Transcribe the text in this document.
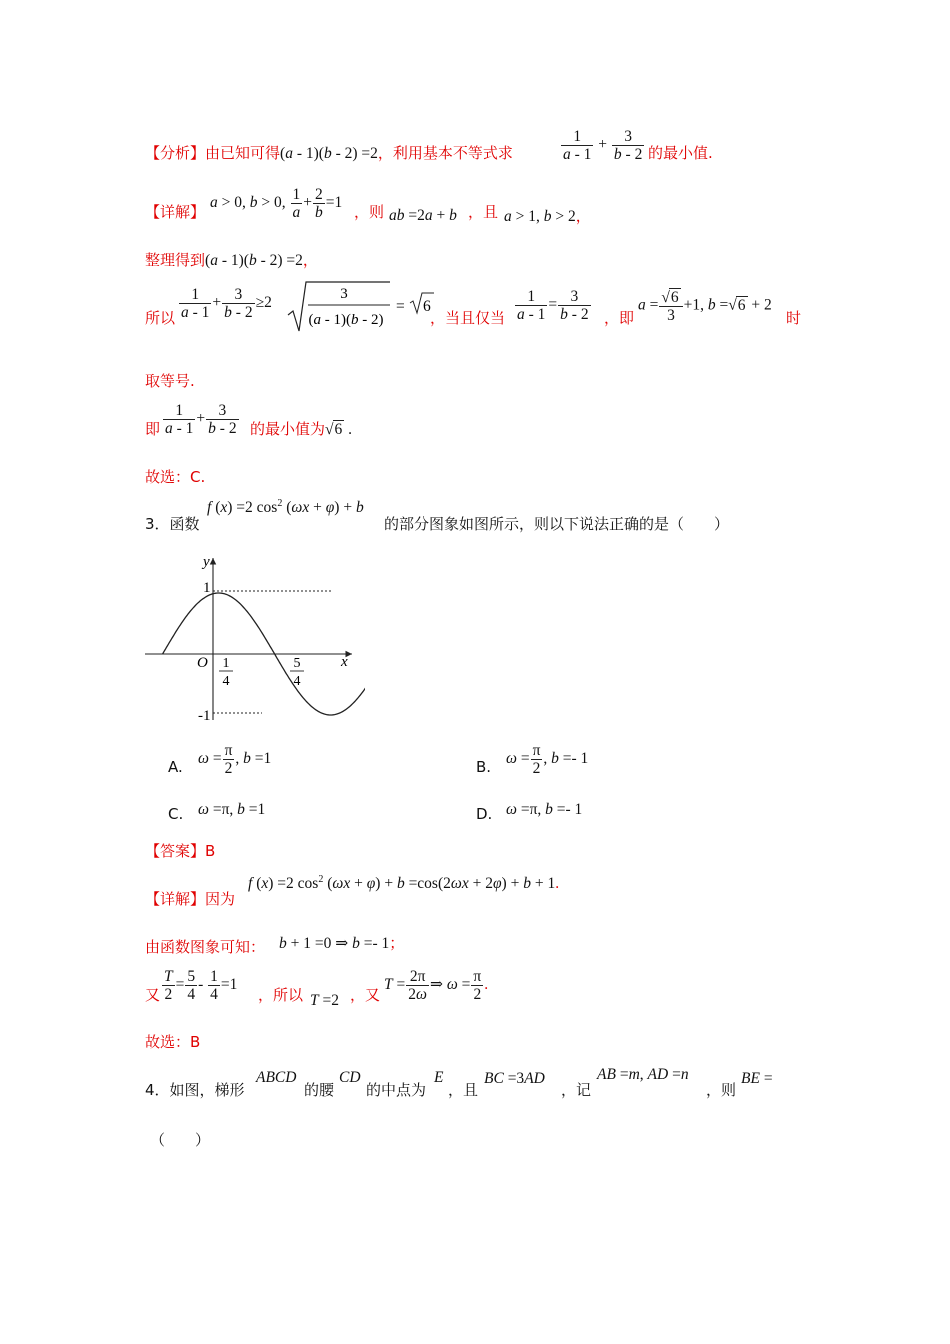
【分析】由已知可得(a - 1)(b - 2) =2，利用基本不等式求	$\frac{1}{a - 1} + \frac{3}{b - 2}$ 的最小值.
【详解】
a > 0, b > 0, $\frac{1}{a} + \frac{2}{b} =1$
，则 ab =2a + b ，且 a > 1, b > 2，
整理得到(a - 1)(b - 2) =2，
所以 $\frac{1}{a - 1} + \frac{3}{b - 2} \ge 2$
3
(a - 1)(b - 2)
= 6
，当且仅当 $\frac{1}{a - 1} = \frac{3}{b - 2}$ ，即
$a = \frac{√6}{3} +1$, b =√6 + 2
时
取等号.
即 $\frac{1}{a - 1} + \frac{3}{b - 2}$ 的最小值为√6 .
故选：C.
3．函数
f (x) =2 $\cos^2 (\omega x + \varphi) + b$
的部分图象如图所示，则以下说法正确的是（　　）
y
x
O
1
-1
1
4
5
4
A. $\omega = \frac{\pi}{2}$ , b =1	B. $\omega = \frac{\pi}{2}$ , b =- 1
C. ω =π, b =1	D. ω =π, b =- 1
【答案】B
【详解】因为
f (x) =2 $\cos^2 (\omega x + \varphi) + b =\cos(2\omega x + 2\varphi) + b + 1$.
由函数图象可知： b + 1 =0 ⇒ b =- 1；
又 $\frac{T}{2} = \frac{5}{4} - \frac{1}{4} =1$
，所以 T =2 ，又
$T = \frac{2\pi}{2\omega}$ ⇒ $\omega = \frac{\pi}{2}$ .
故选：B
4．如图，梯形
ABCD
的腰
CD
的中点为
E
，且
BC =3AD
，记
AB =m, AD =n
，则
BE =
（　　）
